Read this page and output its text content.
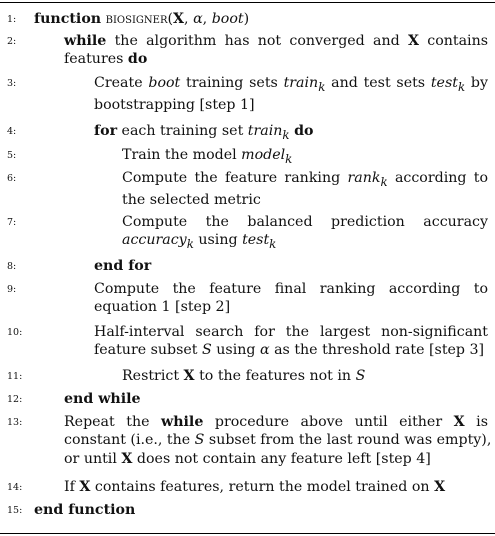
1: function biosigner(X, α, boot)
2:	while the algorithm has not converged and X contains
features do
3:	Create boot training sets train$_k$ and test sets test$_k$ by
bootstrapping [step 1]
4:	for each training set train$_k$ do
5:	Train the model model$_k$
6:	Compute the feature ranking rank$_k$ according to
the selected metric
7:	Compute the balanced prediction accuracy
accuracy$_k$ using test$_k$
8:	end for
9:	Compute the feature final ranking according to
equation 1 [step 2]
10:	Half-interval search for the largest non-significant
feature subset S using α as the threshold rate [step 3]
11:	Restrict X to the features not in S
12:	end while
13:	Repeat the while procedure above until either X is
constant (i.e., the S subset from the last round was empty),
or until X does not contain any feature left [step 4]
14:	If X contains features, return the model trained on X
15: end function
